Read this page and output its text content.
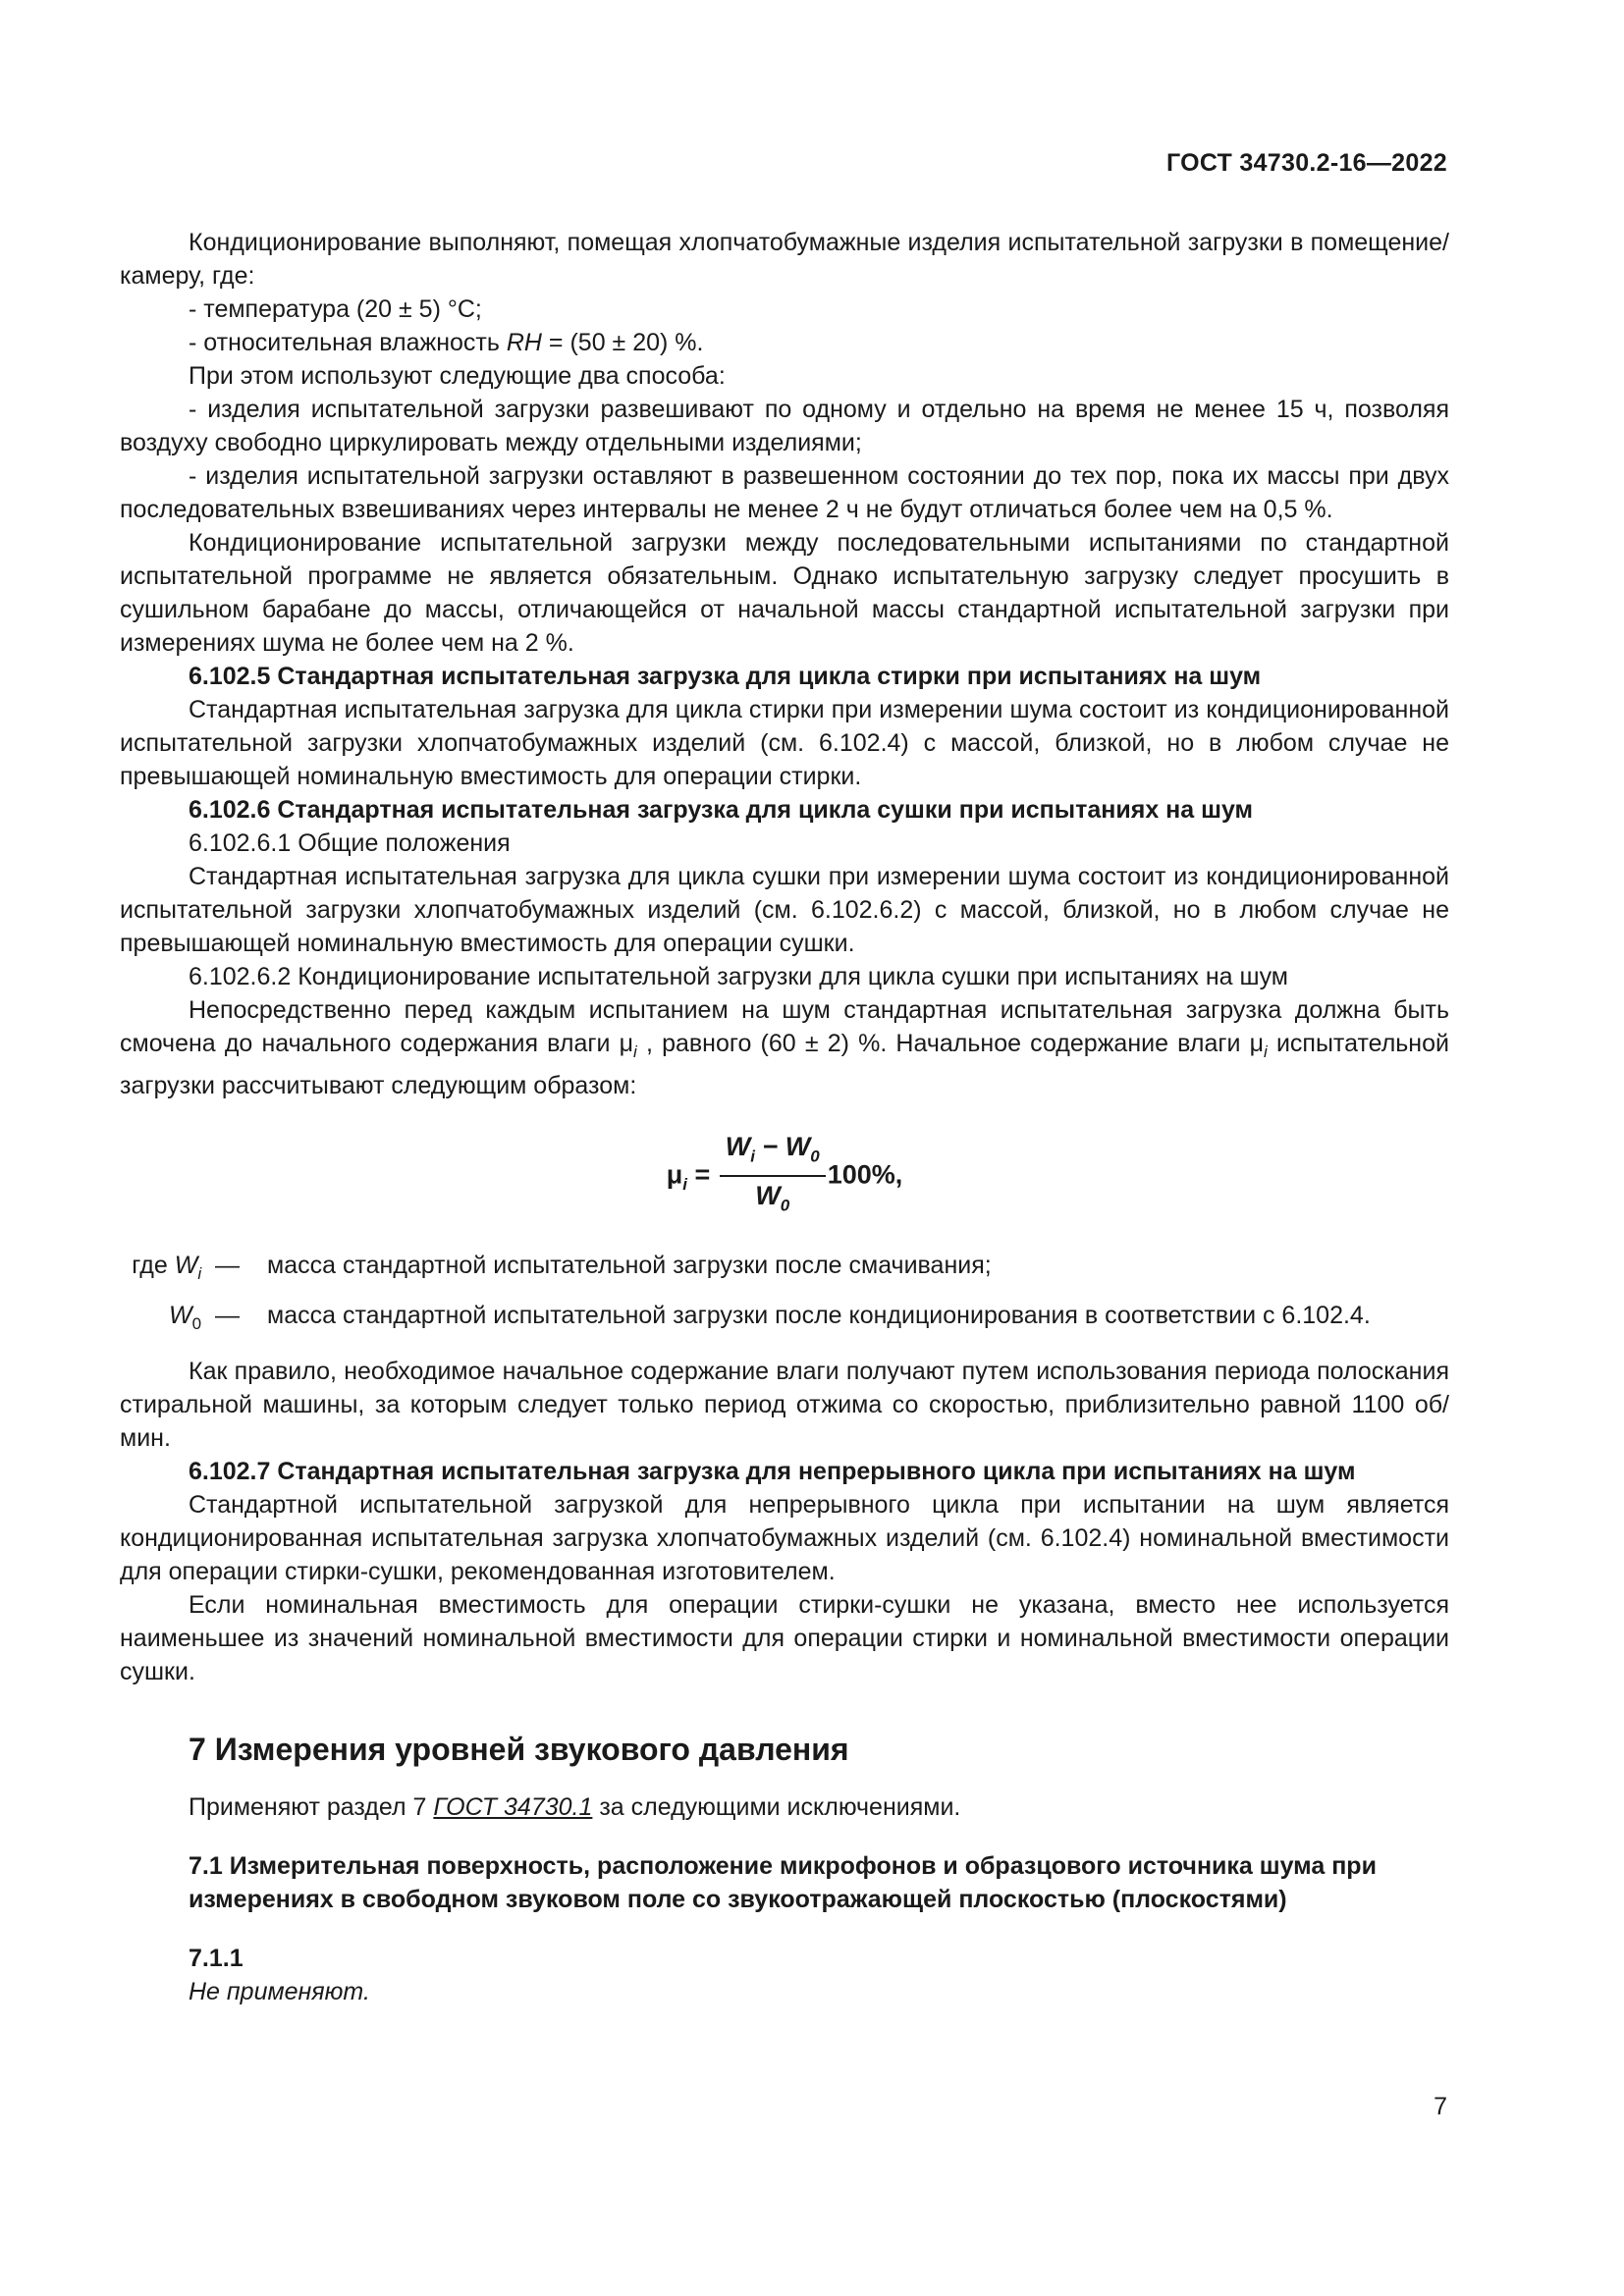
ГОСТ 34730.2-16—2022

Кондиционирование выполняют, помещая хлопчатобумажные изделия испытательной загрузки в помещение/камеру, где:

- температура (20 ± 5) °С;

- относительная влажность RH = (50 ± 20) %.

При этом используют следующие два способа:

- изделия испытательной загрузки развешивают по одному и отдельно на время не менее 15 ч, позволяя воздуху свободно циркулировать между отдельными изделиями;

- изделия испытательной загрузки оставляют в развешенном состоянии до тех пор, пока их массы при двух последовательных взвешиваниях через интервалы не менее 2 ч не будут отличаться более чем на 0,5 %.

Кондиционирование испытательной загрузки между последовательными испытаниями по стандартной испытательной программе не является обязательным. Однако испытательную загрузку следует просушить в сушильном барабане до массы, отличающейся от начальной массы стандартной испытательной загрузки при измерениях шума не более чем на 2 %.

6.102.5 Стандартная испытательная загрузка для цикла стирки при испытаниях на шум

Стандартная испытательная загрузка для цикла стирки при измерении шума состоит из кондиционированной испытательной загрузки хлопчатобумажных изделий (см. 6.102.4) с массой, близкой, но в любом случае не превышающей номинальную вместимость для операции стирки.

6.102.6 Стандартная испытательная загрузка для цикла сушки при испытаниях на шум

6.102.6.1 Общие положения

Стандартная испытательная загрузка для цикла сушки при измерении шума состоит из кондиционированной испытательной загрузки хлопчатобумажных изделий (см. 6.102.6.2) с массой, близкой, но в любом случае не превышающей номинальную вместимость для операции сушки.

6.102.6.2 Кондиционирование испытательной загрузки для цикла сушки при испытаниях на шум

Непосредственно перед каждым испытанием на шум стандартная испытательная загрузка должна быть смочена до начального содержания влаги $\mu_i$ , равного (60 ± 2) %. Начальное содержание влаги $\mu_i$ испытательной загрузки рассчитывают следующим образом:

$\mu_i = \frac{W_i - W_0}{W_0} 100\%$,
где $W_i$ —	масса стандартной испытательной загрузки после смачивания;
$W_0$ —	масса стандартной испытательной загрузки после кондиционирования в соответствии с 6.102.4.

Как правило, необходимое начальное содержание влаги получают путем использования периода полоскания стиральной машины, за которым следует только период отжима со скоростью, приблизительно равной 1100 об/мин.

6.102.7 Стандартная испытательная загрузка для непрерывного цикла при испытаниях на шум

Стандартной испытательной загрузкой для непрерывного цикла при испытании на шум является кондиционированная испытательная загрузка хлопчатобумажных изделий (см. 6.102.4) номинальной вместимости для операции стирки-сушки, рекомендованная изготовителем.

Если номинальная вместимость для операции стирки-сушки не указана, вместо нее используется наименьшее из значений номинальной вместимости для операции стирки и номинальной вместимости операции сушки.

7 Измерения уровней звукового давления
Применяют раздел 7 ГОСТ 34730.1 за следующими исключениями.
7.1 Измерительная поверхность, расположение микрофонов и образцового источника шума при измерениях в свободном звуковом поле со звукоотражающей плоскостью (плоскостями)
7.1.1
Не применяют.
7
